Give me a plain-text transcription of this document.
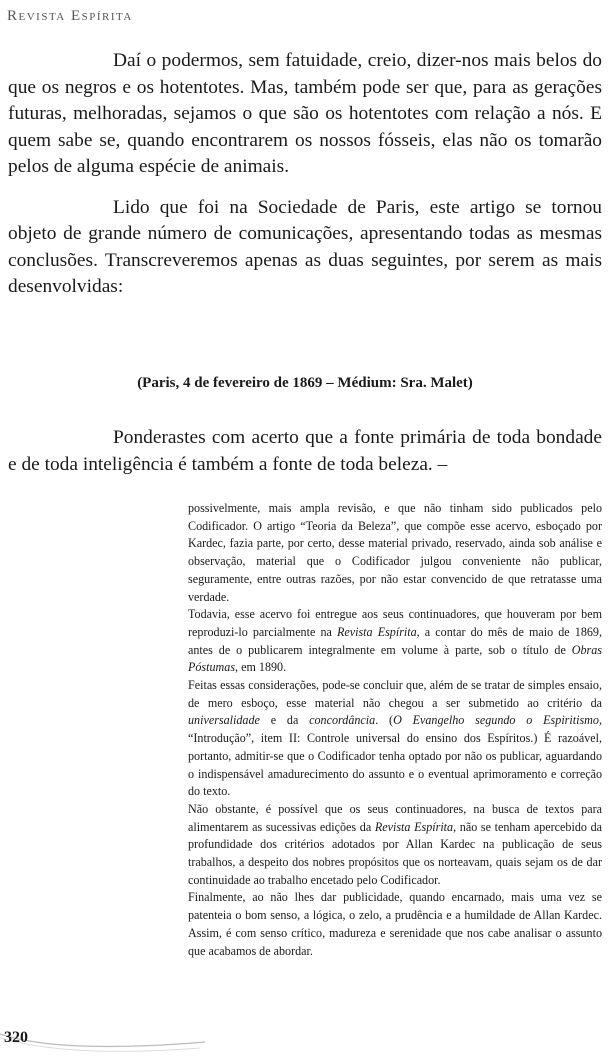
Revista Espírita

Daí o podermos, sem fatuidade, creio, dizer-nos mais belos do que os negros e os hotentotes. Mas, também pode ser que, para as gerações futuras, melhoradas, sejamos o que são os hotentotes com relação a nós. E quem sabe se, quando encontrarem os nossos fósseis, elas não os tomarão pelos de alguma espécie de animais.

Lido que foi na Sociedade de Paris, este artigo se tornou objeto de grande número de comunicações, apresentando todas as mesmas conclusões. Transcreveremos apenas as duas seguintes, por serem as mais desenvolvidas:

(Paris, 4 de fevereiro de 1869 – Médium: Sra. Malet)

Ponderastes com acerto que a fonte primária de toda bondade e de toda inteligência é também a fonte de toda beleza. –

possivelmente, mais ampla revisão, e que não tinham sido publicados pelo Codificador. O artigo “Teoria da Beleza”, que compõe esse acervo, esboçado por Kardec, fazia parte, por certo, desse material privado, reservado, ainda sob análise e observação, material que o Codificador julgou conveniente não publicar, seguramente, entre outras razões, por não estar convencido de que retratasse uma verdade.

Todavia, esse acervo foi entregue aos seus continuadores, que houveram por bem reproduzi-lo parcialmente na Revista Espírita, a contar do mês de maio de 1869, antes de o publicarem integralmente em volume à parte, sob o título de Obras Póstumas, em 1890.

Feitas essas considerações, pode-se concluir que, além de se tratar de simples ensaio, de mero esboço, esse material não chegou a ser submetido ao critério da universalidade e da concordância. (O Evangelho segundo o Espiritismo, “Introdução”, item II: Controle universal do ensino dos Espíritos.) É razoável, portanto, admitir-se que o Codificador tenha optado por não os publicar, aguardando o indispensável amadurecimento do assunto e o eventual aprimoramento e correção do texto.

Não obstante, é possível que os seus continuadores, na busca de textos para alimentarem as sucessivas edições da Revista Espírita, não se tenham apercebido da profundidade dos critérios adotados por Allan Kardec na publicação de seus trabalhos, a despeito dos nobres propósitos que os norteavam, quais sejam os de dar continuidade ao trabalho encetado pelo Codificador.

Finalmente, ao não lhes dar publicidade, quando encarnado, mais uma vez se patenteia o bom senso, a lógica, o zelo, a prudência e a humildade de Allan Kardec. Assim, é com senso crítico, madureza e serenidade que nos cabe analisar o assunto que acabamos de abordar.

320
